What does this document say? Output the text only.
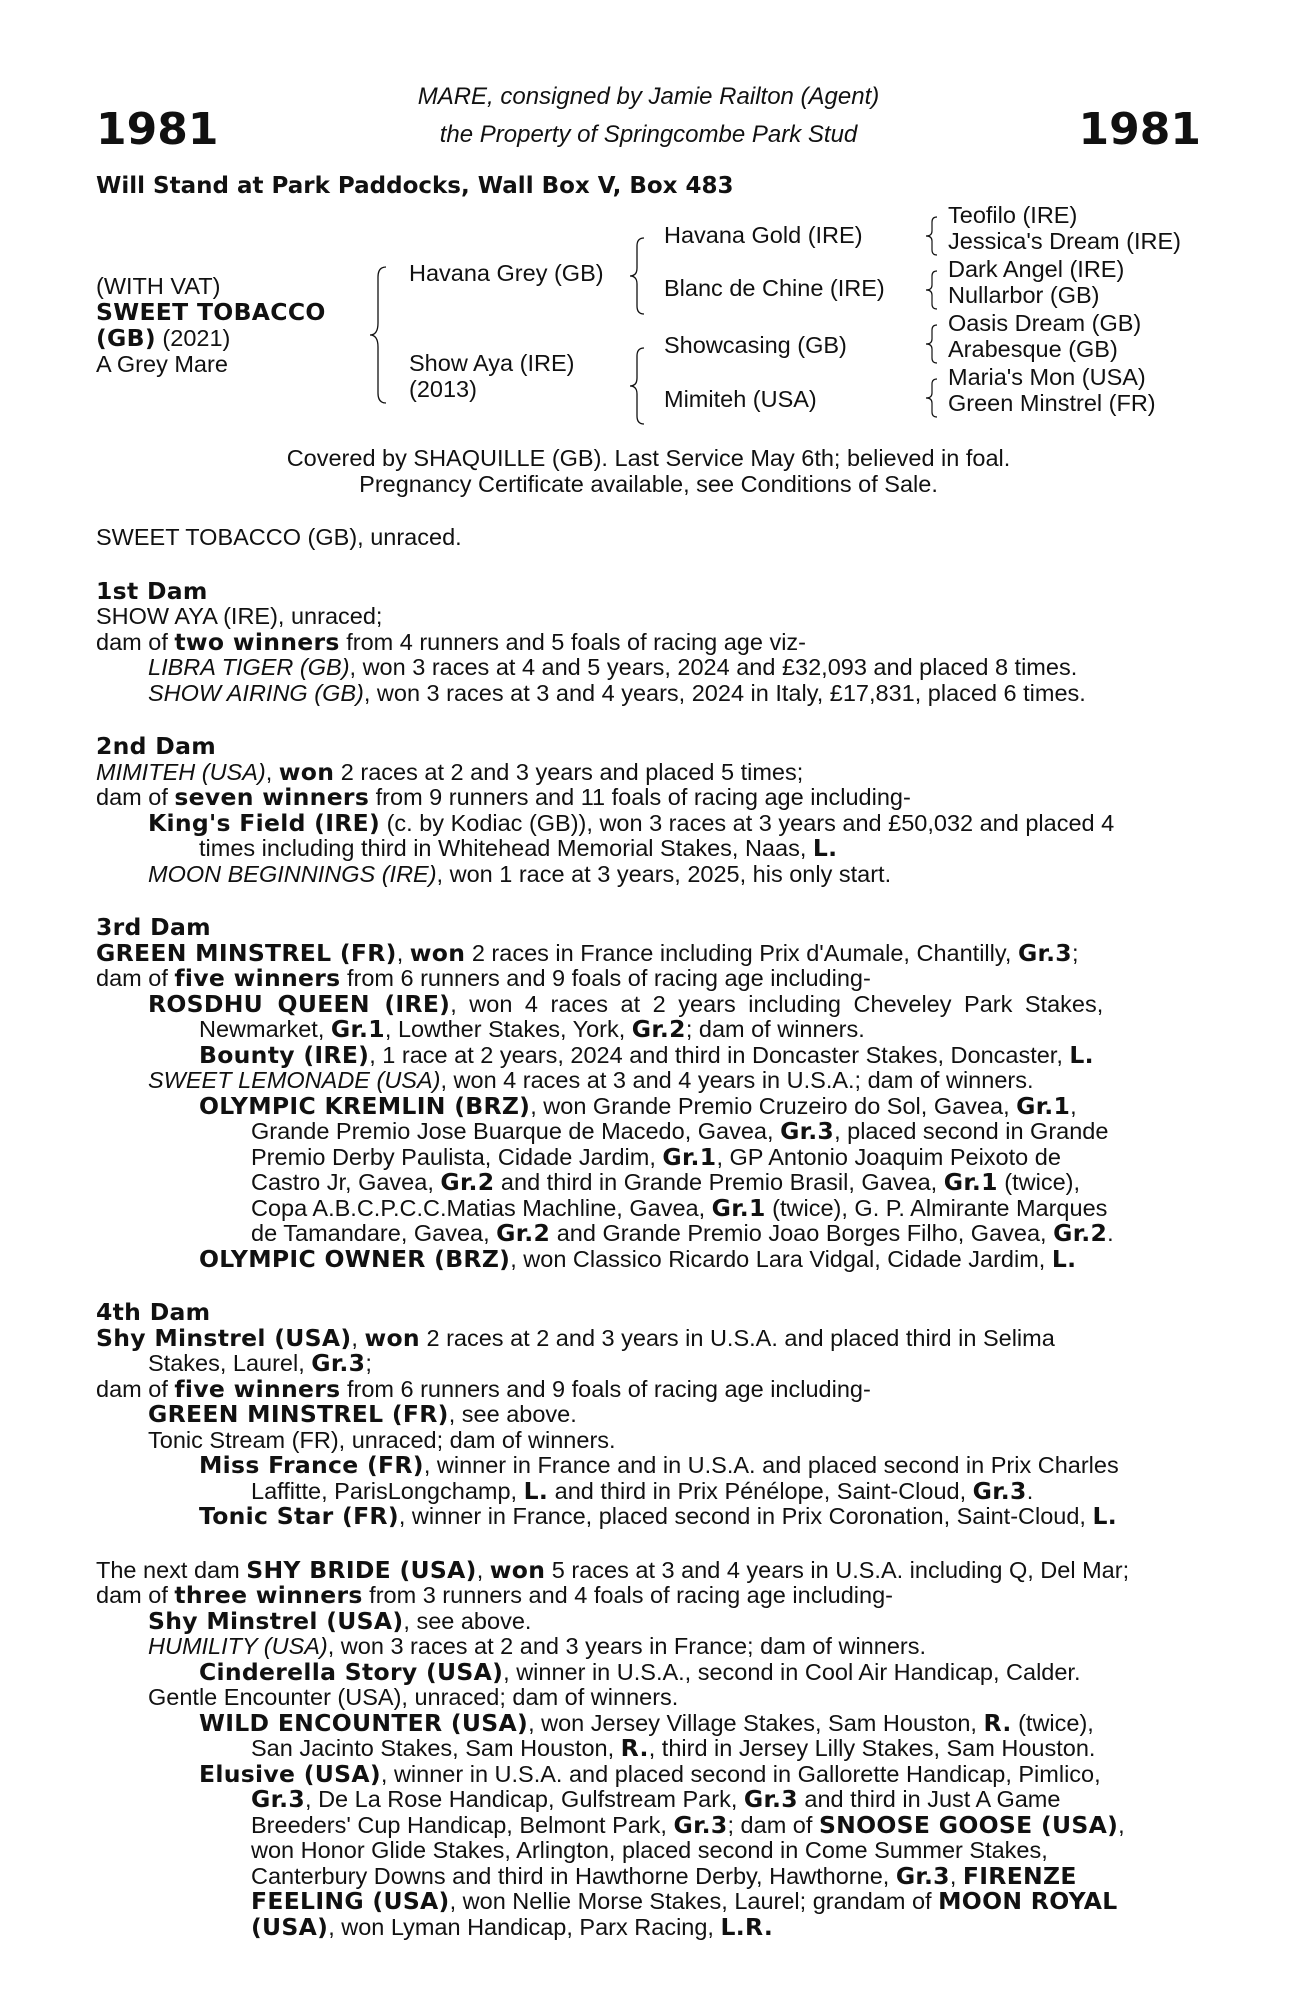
1981
MARE, consigned by Jamie Railton (Agent)
the Property of Springcombe Park Stud	1981
Will Stand at Park Paddocks, Wall Box V, Box 483
(WITH VAT)
SWEET TOBACCO
(GB) (2021)
A Grey Mare
Havana Grey (GB)
Show Aya (IRE)
(2013)
Havana Gold (IRE)
Blanc de Chine (IRE)
Showcasing (GB)
Mimiteh (USA)
Teofilo (IRE)
Jessica's Dream (IRE)
Dark Angel (IRE)
Nullarbor (GB)
Oasis Dream (GB)
Arabesque (GB)
Maria's Mon (USA)
Green Minstrel (FR)
Covered by SHAQUILLE (GB). Last Service May 6th; believed in foal.
Pregnancy Certificate available, see Conditions of Sale.

SWEET TOBACCO (GB), unraced.

1st Dam
SHOW AYA (IRE), unraced;
dam of two winners from 4 runners and 5 foals of racing age viz-
LIBRA TIGER (GB), won 3 races at 4 and 5 years, 2024 and £32,093 and placed 8 times.
SHOW AIRING (GB), won 3 races at 3 and 4 years, 2024 in Italy, £17,831, placed 6 times.
2nd Dam
MIMITEH (USA), won 2 races at 2 and 3 years and placed 5 times;
dam of seven winners from 9 runners and 11 foals of racing age including-
King's Field (IRE) (c. by Kodiac (GB)), won 3 races at 3 years and £50,032 and placed 4
times including third in Whitehead Memorial Stakes, Naas, L.
MOON BEGINNINGS (IRE), won 1 race at 3 years, 2025, his only start.
3rd Dam
GREEN MINSTREL (FR), won 2 races in France including Prix d'Aumale, Chantilly, Gr.3;
dam of five winners from 6 runners and 9 foals of racing age including-
ROSDHU QUEEN (IRE), won 4 races at 2 years including Cheveley Park Stakes,
Newmarket, Gr.1, Lowther Stakes, York, Gr.2; dam of winners.
Bounty (IRE), 1 race at 2 years, 2024 and third in Doncaster Stakes, Doncaster, L.
SWEET LEMONADE (USA), won 4 races at 3 and 4 years in U.S.A.; dam of winners.
OLYMPIC KREMLIN (BRZ), won Grande Premio Cruzeiro do Sol, Gavea, Gr.1,
Grande Premio Jose Buarque de Macedo, Gavea, Gr.3, placed second in Grande
Premio Derby Paulista, Cidade Jardim, Gr.1, GP Antonio Joaquim Peixoto de
Castro Jr, Gavea, Gr.2 and third in Grande Premio Brasil, Gavea, Gr.1 (twice),
Copa A.B.C.P.C.C.Matias Machline, Gavea, Gr.1 (twice), G. P. Almirante Marques
de Tamandare, Gavea, Gr.2 and Grande Premio Joao Borges Filho, Gavea, Gr.2.
OLYMPIC OWNER (BRZ), won Classico Ricardo Lara Vidgal, Cidade Jardim, L.
4th Dam
Shy Minstrel (USA), won 2 races at 2 and 3 years in U.S.A. and placed third in Selima
Stakes, Laurel, Gr.3;
dam of five winners from 6 runners and 9 foals of racing age including-
GREEN MINSTREL (FR), see above.
Tonic Stream (FR), unraced; dam of winners.
Miss France (FR), winner in France and in U.S.A. and placed second in Prix Charles
Laffitte, ParisLongchamp, L. and third in Prix Pénélope, Saint-Cloud, Gr.3.
Tonic Star (FR), winner in France, placed second in Prix Coronation, Saint-Cloud, L.
The next dam SHY BRIDE (USA), won 5 races at 3 and 4 years in U.S.A. including Q, Del Mar;
dam of three winners from 3 runners and 4 foals of racing age including-
Shy Minstrel (USA), see above.
HUMILITY (USA), won 3 races at 2 and 3 years in France; dam of winners.
Cinderella Story (USA), winner in U.S.A., second in Cool Air Handicap, Calder.
Gentle Encounter (USA), unraced; dam of winners.
WILD ENCOUNTER (USA), won Jersey Village Stakes, Sam Houston, R. (twice),
San Jacinto Stakes, Sam Houston, R., third in Jersey Lilly Stakes, Sam Houston.
Elusive (USA), winner in U.S.A. and placed second in Gallorette Handicap, Pimlico,
Gr.3, De La Rose Handicap, Gulfstream Park, Gr.3 and third in Just A Game
Breeders' Cup Handicap, Belmont Park, Gr.3; dam of SNOOSE GOOSE (USA),
won Honor Glide Stakes, Arlington, placed second in Come Summer Stakes,
Canterbury Downs and third in Hawthorne Derby, Hawthorne, Gr.3, FIRENZE
FEELING (USA), won Nellie Morse Stakes, Laurel; grandam of MOON ROYAL
(USA), won Lyman Handicap, Parx Racing, L.R.
